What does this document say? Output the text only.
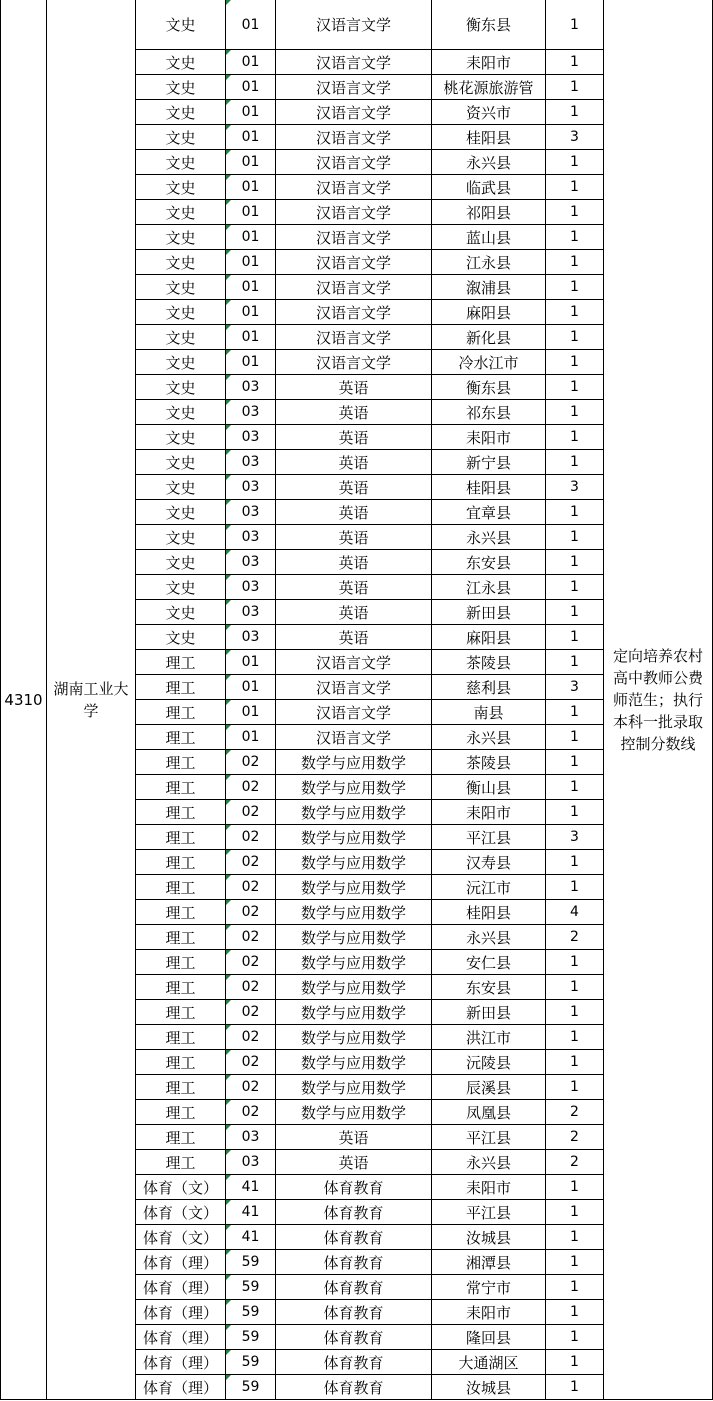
4310
湖南工业大学
定向培养农村高中教师公费师范生；执行本科一批录取控制分数线
文史	01	汉语言文学	衡东县	1
文史	01	汉语言文学	耒阳市	1
文史	01	汉语言文学	桃花源旅游管	1
文史	01	汉语言文学	资兴市	1
文史	01	汉语言文学	桂阳县	3
文史	01	汉语言文学	永兴县	1
文史	01	汉语言文学	临武县	1
文史	01	汉语言文学	祁阳县	1
文史	01	汉语言文学	蓝山县	1
文史	01	汉语言文学	江永县	1
文史	01	汉语言文学	溆浦县	1
文史	01	汉语言文学	麻阳县	1
文史	01	汉语言文学	新化县	1
文史	01	汉语言文学	冷水江市	1
文史	03	英语	衡东县	1
文史	03	英语	祁东县	1
文史	03	英语	耒阳市	1
文史	03	英语	新宁县	1
文史	03	英语	桂阳县	3
文史	03	英语	宜章县	1
文史	03	英语	永兴县	1
文史	03	英语	东安县	1
文史	03	英语	江永县	1
文史	03	英语	新田县	1
文史	03	英语	麻阳县	1
理工	01	汉语言文学	茶陵县	1
理工	01	汉语言文学	慈利县	3
理工	01	汉语言文学	南县	1
理工	01	汉语言文学	永兴县	1
理工	02	数学与应用数学	茶陵县	1
理工	02	数学与应用数学	衡山县	1
理工	02	数学与应用数学	耒阳市	1
理工	02	数学与应用数学	平江县	3
理工	02	数学与应用数学	汉寿县	1
理工	02	数学与应用数学	沅江市	1
理工	02	数学与应用数学	桂阳县	4
理工	02	数学与应用数学	永兴县	2
理工	02	数学与应用数学	安仁县	1
理工	02	数学与应用数学	东安县	1
理工	02	数学与应用数学	新田县	1
理工	02	数学与应用数学	洪江市	1
理工	02	数学与应用数学	沅陵县	1
理工	02	数学与应用数学	辰溪县	1
理工	02	数学与应用数学	凤凰县	2
理工	03	英语	平江县	2
理工	03	英语	永兴县	2
体育（文）	41	体育教育	耒阳市	1
体育（文）	41	体育教育	平江县	1
体育（文）	41	体育教育	汝城县	1
体育（理）	59	体育教育	湘潭县	1
体育（理）	59	体育教育	常宁市	1
体育（理）	59	体育教育	耒阳市	1
体育（理）	59	体育教育	隆回县	1
体育（理）	59	体育教育	大通湖区	1
体育（理）	59	体育教育	汝城县	1
